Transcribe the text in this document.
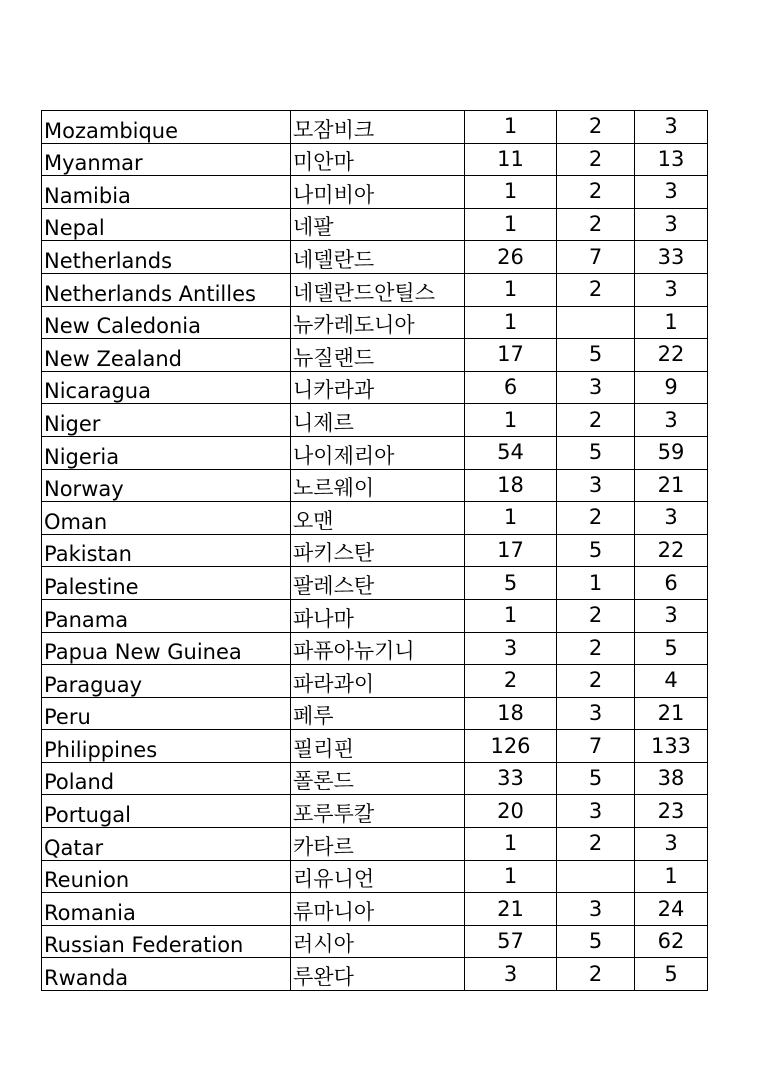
Mozambique	모잠비크	1	2	3
Myanmar	미안마	11	2	13
Namibia	나미비아	1	2	3
Nepal	네팔	1	2	3
Netherlands	네델란드	26	7	33
Netherlands Antilles	네델란드안틸스	1	2	3
New Caledonia	뉴카레도니아	1		1
New Zealand	뉴질랜드	17	5	22
Nicaragua	니카라과	6	3	9
Niger	니제르	1	2	3
Nigeria	나이제리아	54	5	59
Norway	노르웨이	18	3	21
Oman	오맨	1	2	3
Pakistan	파키스탄	17	5	22
Palestine	팔레스탄	5	1	6
Panama	파나마	1	2	3
Papua New Guinea	파퓨아뉴기니	3	2	5
Paraguay	파라과이	2	2	4
Peru	페루	18	3	21
Philippines	필리핀	126	7	133
Poland	폴론드	33	5	38
Portugal	포루투칼	20	3	23
Qatar	카타르	1	2	3
Reunion	리유니언	1		1
Romania	류마니아	21	3	24
Russian Federation	러시아	57	5	62
Rwanda	루완다	3	2	5
